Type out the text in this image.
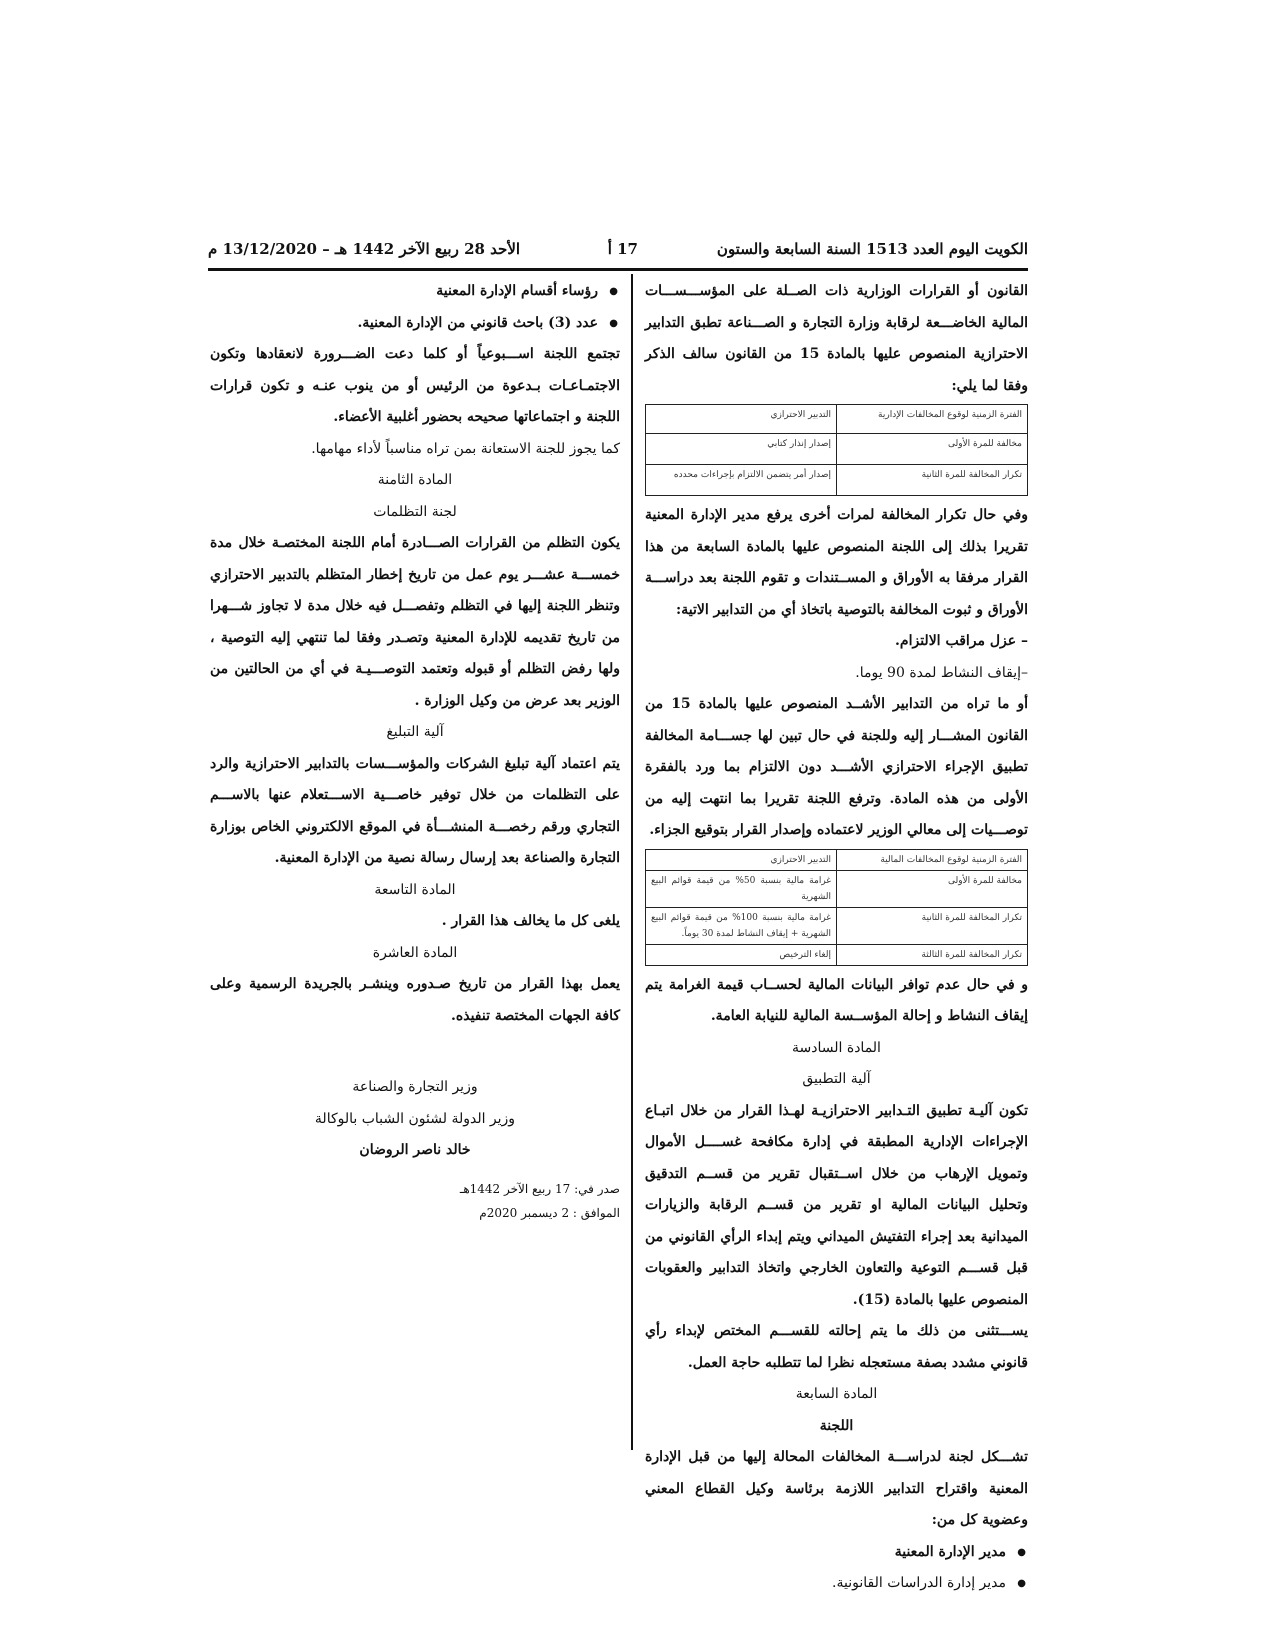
الكويت اليوم العدد 1513 السنة السابعة والستون
17 أ
الأحد 28 ربيع الآخر 1442 هـ – 13/12/2020 م

القانون أو القرارات الوزارية ذات الصــلة على المؤســـســـات المالية الخاضـــعة لرقابة وزارة التجارة و الصـــناعة تطبق التدابير الاحترازية المنصوص عليها بالمادة 15 من القانون سالف الذكر وفقا لما يلي:

الفترة الزمنية لوقوع المخالفات الإدارية	التدبير الاحترازي
مخالفة للمرة الأولى	إصدار إنذار كتابي
تكرار المخالفة للمرة الثانية	إصدار أمر يتضمن الالتزام بإجراءات محدده

وفي حال تكرار المخالفة لمرات أخرى يرفع مدير الإدارة المعنية تقريرا بذلك إلى اللجنة المنصوص عليها بالمادة السابعة من هذا القرار مرفقا به الأوراق و المســتندات و تقوم اللجنة بعد دراســـة الأوراق و ثبوت المخالفة بالتوصية باتخاذ أي من التدابير الاتية:

– عزل مراقب الالتزام.

–إيقاف النشاط لمدة 90 يوما.

أو ما تراه من التدابير الأشــد المنصوص عليها بالمادة 15 من القانون المشـــار إليه وللجنة في حال تبين لها جســـامة المخالفة تطبيق الإجراء الاحترازي الأشـــد دون الالتزام بما ورد بالفقرة الأولى من هذه المادة. وترفع اللجنة تقريرا بما انتهت إليه من توصـــيات إلى معالي الوزير لاعتماده وإصدار القرار بتوقيع الجزاء.

الفترة الزمنية لوقوع المخالفات المالية	التدبير الاحترازي
مخالفة للمرة الأولى	غرامة مالية بنسبة 50% من قيمة قوائم البيع الشهرية
تكرار المخالفة للمرة الثانية	غرامة مالية بنسبة 100% من قيمة قوائم البيع الشهرية + إيقاف النشاط لمدة 30 يوماً.
تكرار المخالفة للمرة الثالثة	إلغاء الترخيص

و في حال عدم توافر البيانات المالية لحســاب قيمة الغرامة يتم إيقاف النشاط و إحالة المؤســسة المالية للنيابة العامة.

المادة السادسة

آلية التطبيق

تكون آليـة تطبيق التـدابير الاحترازيـة لهـذا القرار من خلال اتبـاع الإجراءات الإدارية المطبقة في إدارة مكافحة غســــل الأموال وتمويل الإرهاب من خلال اســتقبال تقرير من قســم التدقيق وتحليل البيانات المالية او تقرير من قســم الرقابة والزيارات الميدانية بعد إجراء التفتيش الميداني ويتم إبداء الرأي القانوني من قبل قســـم التوعية والتعاون الخارجي واتخاذ التدابير والعقوبات المنصوص عليها بالمادة (15).

يســـتثنى من ذلك ما يتم إحالته للقســـم المختص لإبداء رأي قانوني مشدد بصفة مستعجله نظرا لما تتطلبه حاجة العمل.

المادة السابعة

اللجنة

تشـــكل لجنة لدراســـة المخالفات المحالة إليها من قبل الإدارة المعنية واقتراح التدابير اللازمة برئاسة وكيل القطاع المعني وعضوية كل من:

● مدير الإدارة المعنية

● مدير إدارة الدراسات القانونية.

● رؤساء أقسام الإدارة المعنية

● عدد (3) باحث قانوني من الإدارة المعنية.

تجتمع اللجنة اســـبوعياً أو كلما دعت الضـــرورة لانعقادها وتكون الاجتمـاعـات بـدعوة من الرئيس أو من ينوب عنـه و تكون قرارات اللجنة و اجتماعاتها صحيحه بحضور أغلبية الأعضاء.

كما يجوز للجنة الاستعانة بمن تراه مناسباً لأداء مهامها.

المادة الثامنة

لجنة التظلمات

يكون التظلم من القرارات الصـــادرة أمام اللجنة المختصـة خلال مدة خمســـة عشـــر يوم عمل من تاريخ إخطار المتظلم بالتدبير الاحترازي وتنظر اللجنة إليها في التظلم وتفصـــل فيه خلال مدة لا تجاوز شـــهرا من تاريخ تقديمه للإدارة المعنية وتصـدر وفقا لما تنتهي إليه التوصية ، ولها رفض التظلم أو قبوله وتعتمد التوصـــيـة في أي من الحالتين من الوزير بعد عرض من وكيل الوزارة .

آلية التبليغ

يتم اعتماد آلية تبليغ الشركات والمؤســـسات بالتدابير الاحترازية والرد على التظلمات من خلال توفير خاصـــية الاســـتعلام عنها بالاســـم التجاري ورقم رخصـــة المنشـــأة في الموقع الالكتروني الخاص بوزارة التجارة والصناعة بعد إرسال رسالة نصية من الإدارة المعنية.

المادة التاسعة

يلغى كل ما يخالف هذا القرار .

المادة العاشرة

يعمل بهذا القرار من تاريخ صـدوره وينشـر بالجريدة الرسمية وعلى كافة الجهات المختصة تنفيذه.

وزير التجارة والصناعة

وزير الدولة لشئون الشباب بالوكالة

خالد ناصر الروضان

صدر في: 17 ربيع الآخر 1442هـ

الموافق : 2 ديسمبر 2020م
